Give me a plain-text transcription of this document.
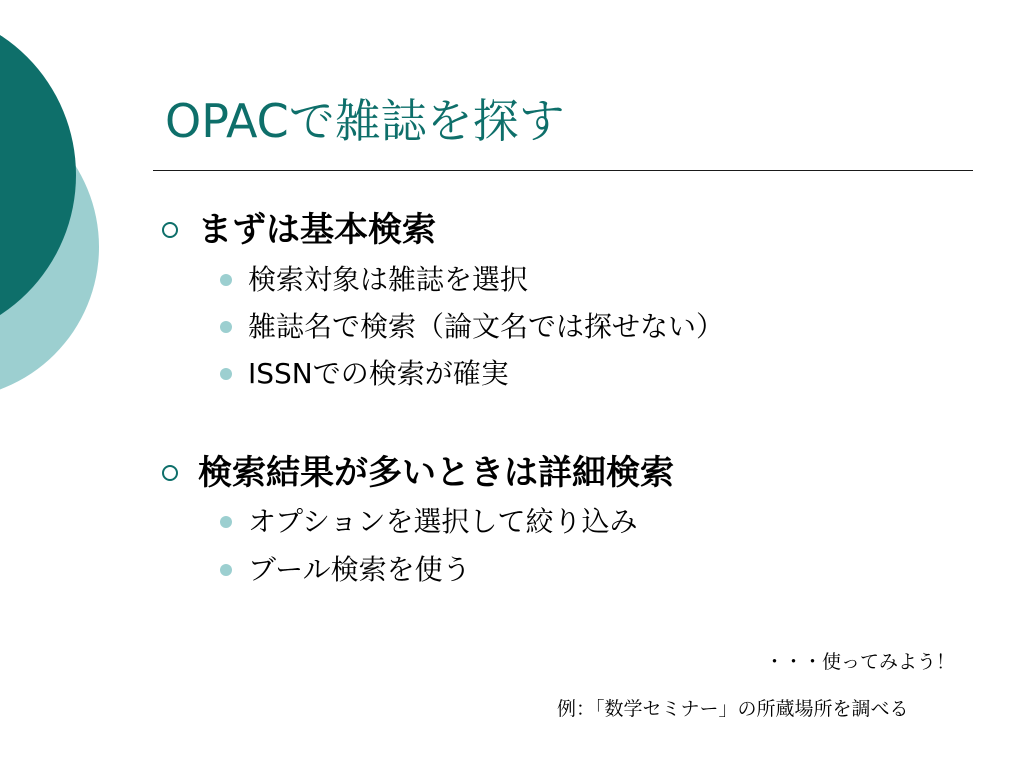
OPACで雑誌を探す
まずは基本検索
検索対象は雑誌を選択
雑誌名で検索（論文名では探せない）
ISSNでの検索が確実
検索結果が多いときは詳細検索
オプションを選択して絞り込み
ブール検索を使う
・・・使ってみよう！
例：「数学セミナー」の所蔵場所を調べる
